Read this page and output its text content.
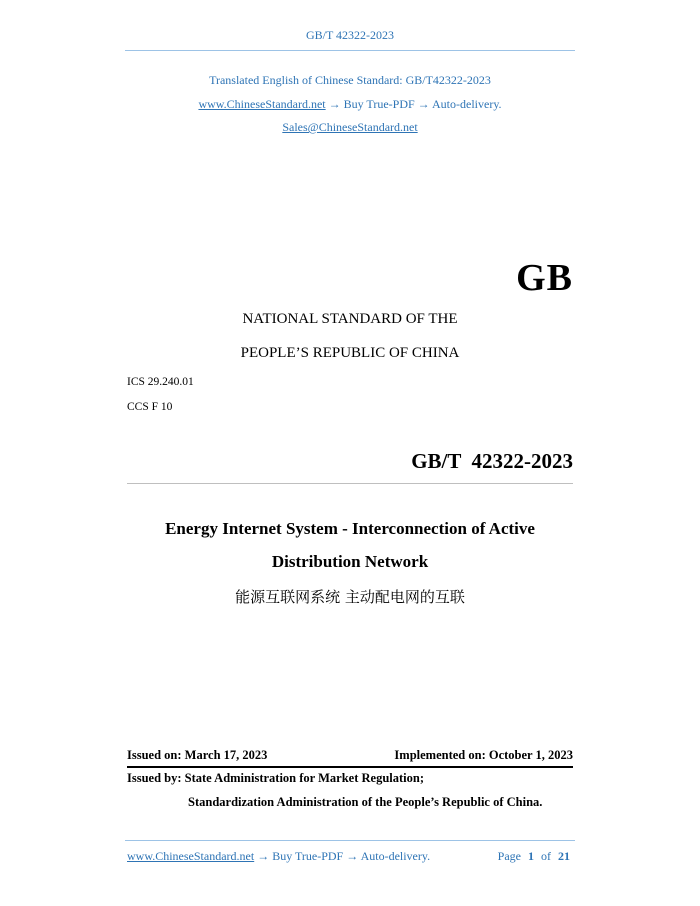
GB/T 42322-2023
Translated English of Chinese Standard: GB/T42322-2023
www.ChineseStandard.net → Buy True-PDF → Auto-delivery.
Sales@ChineseStandard.net
GB
NATIONAL STANDARD OF THE
PEOPLE’S REPUBLIC OF CHINA
ICS 29.240.01
CCS F 10
GB/T  42322-2023
Energy Internet System - Interconnection of Active
Distribution Network
能源互联网系统 主动配电网的互联
Issued on: March 17, 2023	Implemented on: October 1, 2023
Issued by: State Administration for Market Regulation;
Standardization Administration of the People’s Republic of China.
www.ChineseStandard.net → Buy True-PDF → Auto-delivery.	Page 1 of 21
